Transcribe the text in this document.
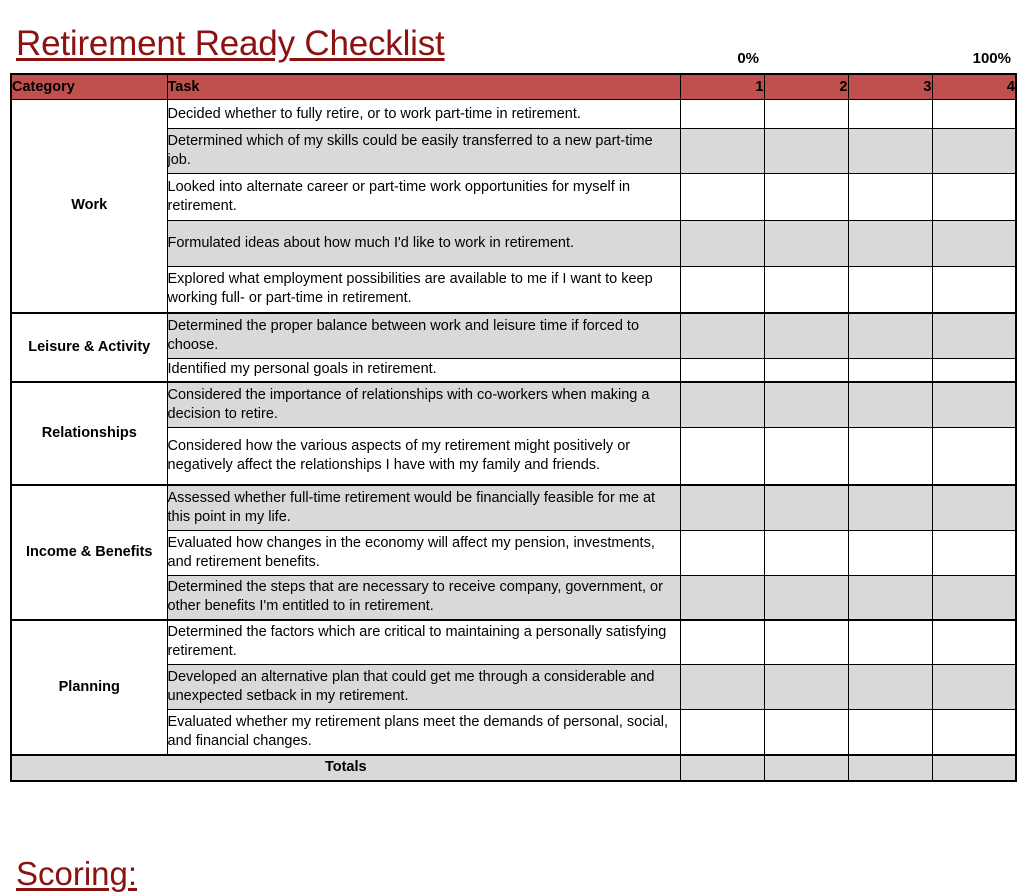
Retirement Ready Checklist	0%	100%
Category	Task	1	2	3	4
Work	Decided whether to fully retire, or to work part-time in retirement.				
	Determined which of my skills could be easily transferred to a new part-time job.				
	Looked into alternate career or part-time work opportunities for myself in retirement.				
	Formulated ideas about how much I'd like to work in retirement.				
	Explored what employment possibilities are available to me if I want to keep working full- or part-time in retirement.				
Leisure & Activity	Determined the proper balance between work and leisure time if forced to choose.				
	Identified my personal goals in retirement.				
Relationships	Considered the importance of relationships with co-workers when making a decision to retire.				
	Considered how the various aspects of my retirement might positively or negatively affect the relationships I have with my family and friends.				
Income & Benefits	Assessed whether full-time retirement would be financially feasible for me at this point in my life.				
	Evaluated how changes in the economy will affect my pension, investments, and retirement benefits.				
	Determined the steps that are necessary to receive company, government, or other benefits I'm entitled to in retirement.				
Planning	Determined the factors which are critical to maintaining a personally satisfying retirement.				
	Developed an alternative plan that could get me through a considerable and unexpected setback in my retirement.				
	Evaluated whether my retirement plans meet the demands of personal, social, and financial changes.				
Totals					
Scoring:
